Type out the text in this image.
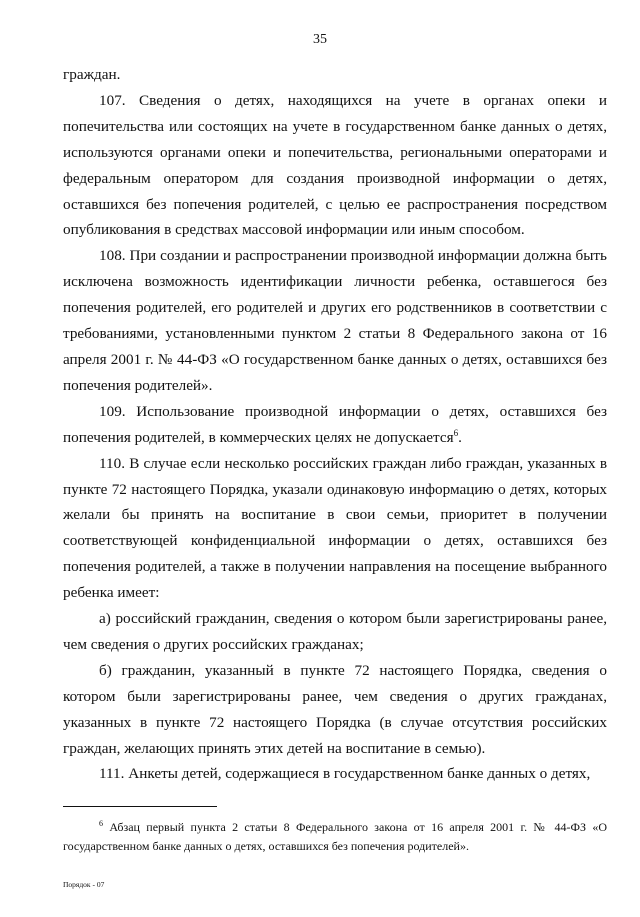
35

граждан.

107. Сведения о детях, находящихся на учете в органах опеки и попечительства или состоящих на учете в государственном банке данных о детях, используются органами опеки и попечительства, региональными операторами и федеральным оператором для создания производной информации о детях, оставшихся без попечения родителей, с целью ее распространения посредством опубликования в средствах массовой информации или иным способом.

108. При создании и распространении производной информации должна быть исключена возможность идентификации личности ребенка, оставшегося без попечения родителей, его родителей и других его родственников в соответствии с требованиями, установленными пунктом 2 статьи 8 Федерального закона от 16 апреля 2001 г. № 44-ФЗ «О государственном банке данных о детях, оставшихся без попечения родителей».

109. Использование производной информации о детях, оставшихся без попечения родителей, в коммерческих целях не допускается$^6$.

110. В случае если несколько российских граждан либо граждан, указанных в пункте 72 настоящего Порядка, указали одинаковую информацию о детях, которых желали бы принять на воспитание в свои семьи, приоритет в получении соответствующей конфиденциальной информации о детях, оставшихся без попечения родителей, а также в получении направления на посещение выбранного ребенка имеет:

а) российский гражданин, сведения о котором были зарегистрированы ранее, чем сведения о других российских гражданах;

б) гражданин, указанный в пункте 72 настоящего Порядка, сведения о котором были зарегистрированы ранее, чем сведения о других гражданах, указанных в пункте 72 настоящего Порядка (в случае отсутствия российских граждан, желающих принять этих детей на воспитание в семью).

111. Анкеты детей, содержащиеся в государственном банке данных о детях,

$^6$ Абзац первый пункта 2 статьи 8 Федерального закона от 16 апреля 2001 г. № 44-ФЗ «О государственном банке данных о детях, оставшихся без попечения родителей».
Порядок - 07
